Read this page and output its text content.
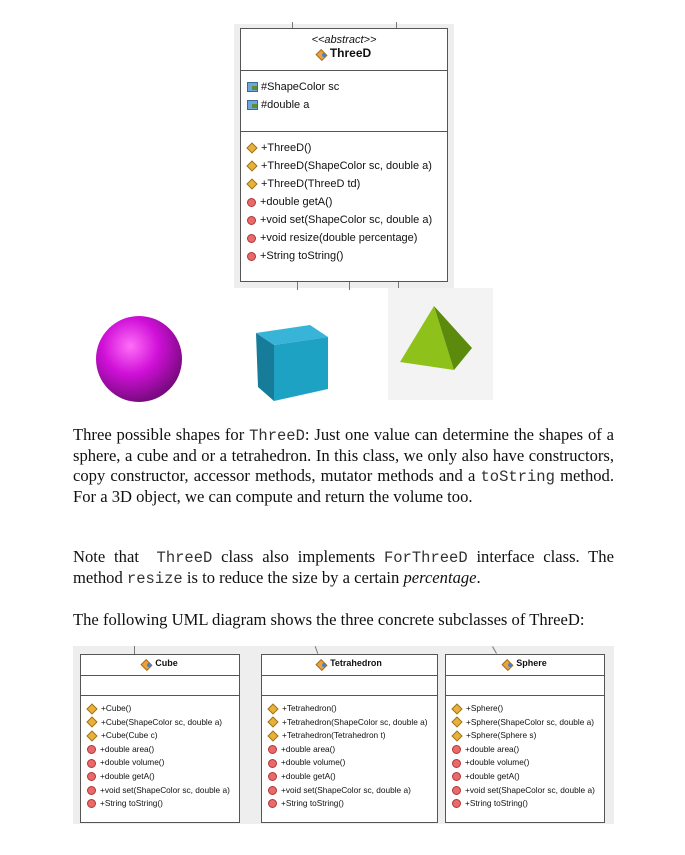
<<abstract>>
ThreeD
#ShapeColor sc
#double a
+ThreeD()
+ThreeD(ShapeColor sc, double a)
+ThreeD(ThreeD td)
+double getA()
+void set(ShapeColor sc, double a)
+void resize(double percentage)
+String toString()
Three possible shapes for ThreeD: Just one value can determine the shapes of a sphere, a cube and or a tetrahedron. In this class, we only also have constructors, copy constructor, accessor methods, mutator methods and a toString method. For a 3D object, we can compute and return the volume too.
Note that  ThreeD class also implements ForThreeD interface class. The method resize is to reduce the size by a certain percentage.
The following UML diagram shows the three concrete subclasses of ThreeD:
Cube
+Cube()
+Cube(ShapeColor sc, double a)
+Cube(Cube c)
+double area()
+double volume()
+double getA()
+void set(ShapeColor sc, double a)
+String toString()
Tetrahedron
+Tetrahedron()
+Tetrahedron(ShapeColor sc, double a)
+Tetrahedron(Tetrahedron t)
+double area()
+double volume()
+double getA()
+void set(ShapeColor sc, double a)
+String toString()
Sphere
+Sphere()
+Sphere(ShapeColor sc, double a)
+Sphere(Sphere s)
+double area()
+double volume()
+double getA()
+void set(ShapeColor sc, double a)
+String toString()
